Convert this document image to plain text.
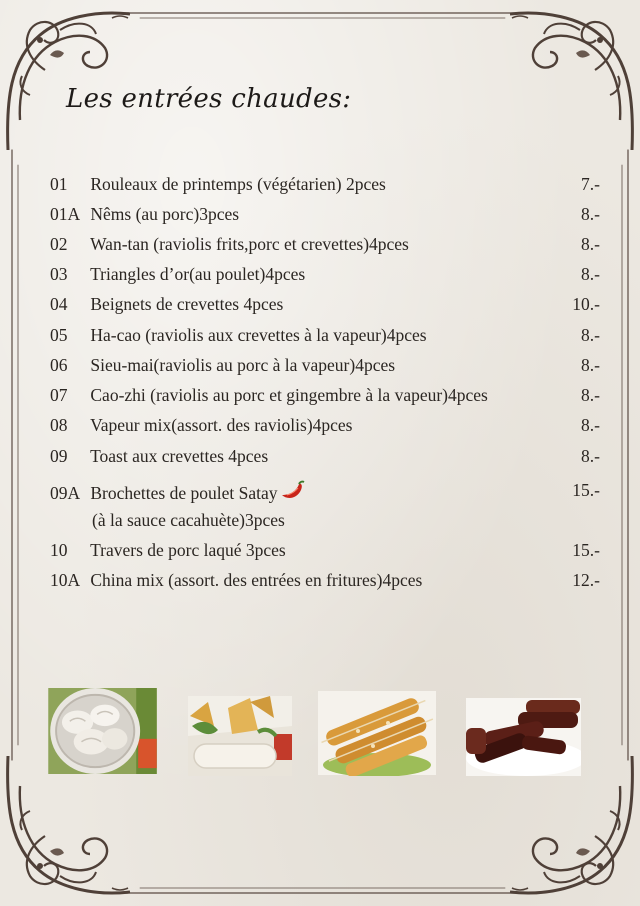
Les entrées chaudes:
01 Rouleaux de printemps (végétarien) 2pces	7.-
01A Nêms (au porc)3pces	8.-
02 Wan-tan (raviolis frits,porc et crevettes)4pces	8.-
03 Triangles d’or(au poulet)4pces	8.-
04 Beignets de crevettes 4pces	10.-
05 Ha-cao (raviolis aux crevettes à la vapeur)4pces	8.-
06 Sieu-mai(raviolis au porc à la vapeur)4pces	8.-
07 Cao-zhi (raviolis au porc et gingembre à la vapeur)4pces	8.-
08 Vapeur mix(assort. des raviolis)4pces	8.-
09 Toast aux crevettes 4pces	8.-
09A Brochettes de poulet Satay	15.-
(à la sauce cacahuète)3pces
10 Travers de porc laqué 3pces	15.-
10A China mix (assort. des entrées en fritures)4pces	12.-
